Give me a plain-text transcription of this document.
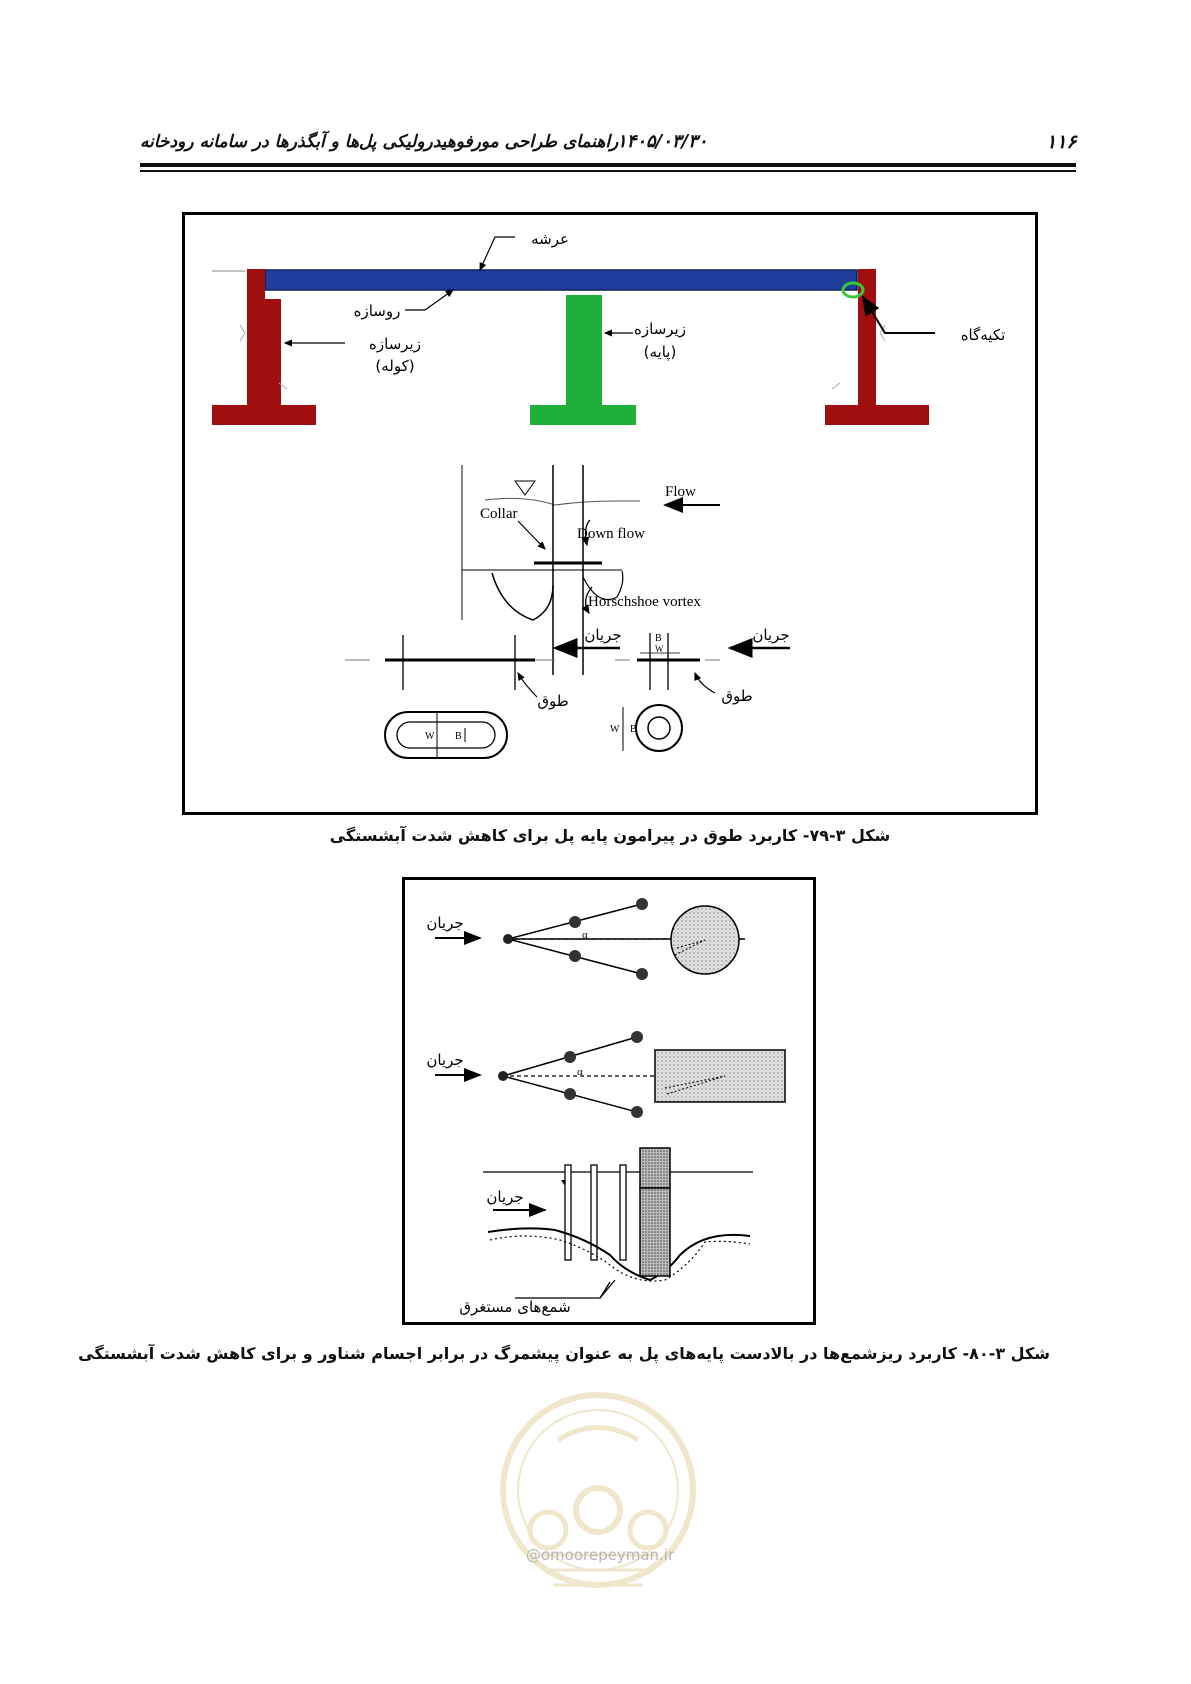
۱۱۶
۱۴۰۵/۰۳/۳۰
راهنمای طراحی مورفوهیدرولیکی پل‌ها و آبگذرها در سامانه رودخانه
عرشه
روسازه
زیرسازه
(کوله)
زیرسازه
(پایه)
تکیه‌گاه
Flow
Collar
Down flow
Horschshoe vortex
جریان
طوق
W B
B
W
جریان
طوق
W B
شکل ۳-۷۹- کاربرد طوق در پیرامون پایه پل برای کاهش شدت آبشستگی
جریان
α
جریان
α
جریان
شمع‌های مستغرق
شکل ۳-۸۰- کاربرد ریزشمع‌ها در بالادست پایه‌های پل به عنوان پیشمرگ در برابر اجسام شناور و برای کاهش شدت آبشستگی
@omoorepeyman.ir
